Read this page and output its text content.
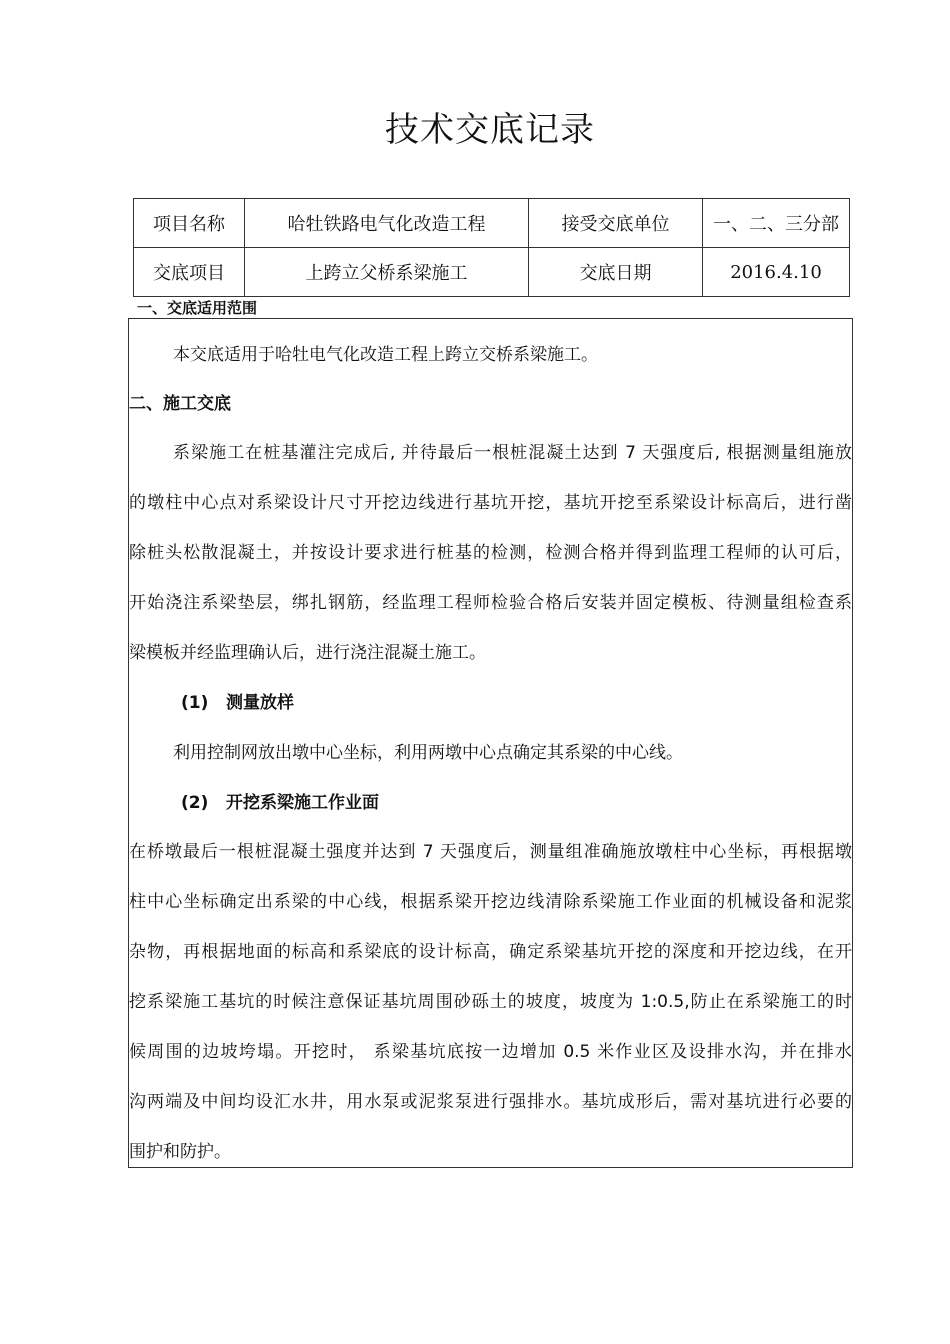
技术交底记录
项目名称	哈牡铁路电气化改造工程	接受交底单位	一、二、三分部
交底项目	上跨立父桥系梁施工	交底日期	2016.4.10
一、交底适用范围
本交底适用于哈牡电气化改造工程上跨立交桥系梁施工。
二、施工交底
系梁施工在桩基灌注完成后, 并待最后一根桩混凝土达到 7 天强度后, 根据测量组施放
的墩柱中心点对系梁设计尺寸开挖边线进行基坑开挖，基坑开挖至系梁设计标高后，进行凿
除桩头松散混凝土，并按设计要求进行桩基的检测，检测合格并得到监理工程师的认可后，
开始浇注系梁垫层，绑扎钢筋，经监理工程师检验合格后安装并固定模板、待测量组检查系
梁模板并经监理确认后，进行浇注混凝土施工。
(1) 测量放样
利用控制网放出墩中心坐标，利用两墩中心点确定其系梁的中心线。
(2) 开挖系梁施工作业面
在桥墩最后一根桩混凝土强度并达到 7 天强度后，测量组准确施放墩柱中心坐标，再根据墩
柱中心坐标确定出系梁的中心线，根据系梁开挖边线清除系梁施工作业面的机械设备和泥浆
杂物，再根据地面的标高和系梁底的设计标高，确定系梁基坑开挖的深度和开挖边线，在开
挖系梁施工基坑的时候注意保证基坑周围砂砾土的坡度，坡度为 1:0.5,防止在系梁施工的时
候周围的边坡垮塌。开挖时， 系梁基坑底按一边增加 0.5 米作业区及设排水沟，并在排水
沟两端及中间均设汇水井，用水泵或泥浆泵进行强排水。基坑成形后，需对基坑进行必要的
围护和防护。
